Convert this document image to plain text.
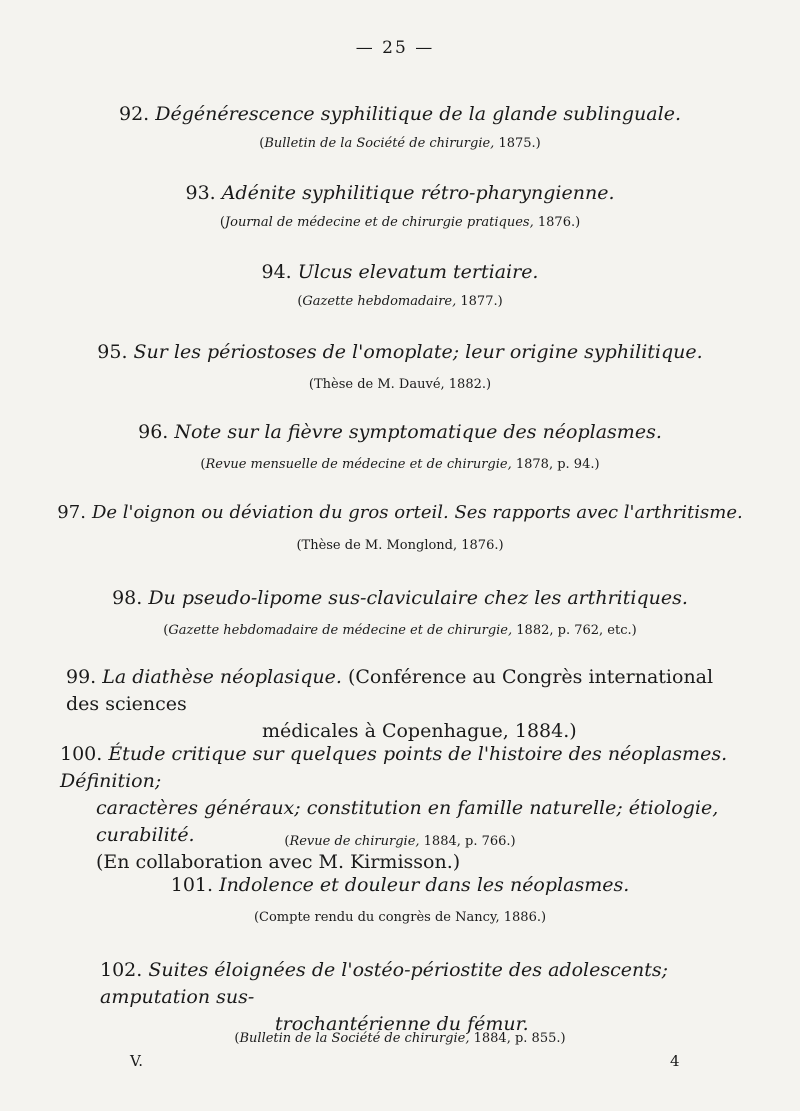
— 25 —
92. Dégénérescence syphilitique de la glande sublinguale.
(Bulletin de la Société de chirurgie, 1875.)
93. Adénite syphilitique rétro-pharyngienne.
(Journal de médecine et de chirurgie pratiques, 1876.)
94. Ulcus elevatum tertiaire.
(Gazette hebdomadaire, 1877.)
95. Sur les périostoses de l'omoplate; leur origine syphilitique.
(Thèse de M. Dauvé, 1882.)
96. Note sur la fièvre symptomatique des néoplasmes.
(Revue mensuelle de médecine et de chirurgie, 1878, p. 94.)
97. De l'oignon ou déviation du gros orteil. Ses rapports avec l'arthritisme.
(Thèse de M. Monglond, 1876.)
98. Du pseudo-lipome sus-claviculaire chez les arthritiques.
(Gazette hebdomadaire de médecine et de chirurgie, 1882, p. 762, etc.)
99. La diathèse néoplasique. (Conférence au Congrès international des sciences
médicales à Copenhague, 1884.)
100. Étude critique sur quelques points de l'histoire des néoplasmes. Définition;
caractères généraux; constitution en famille naturelle; étiologie, curabilité.
(En collaboration avec M. Kirmisson.)
(Revue de chirurgie, 1884, p. 766.)
101. Indolence et douleur dans les néoplasmes.
(Compte rendu du congrès de Nancy, 1886.)
102. Suites éloignées de l'ostéo-périostite des adolescents; amputation sus-
trochantérienne du fémur.
(Bulletin de la Société de chirurgie, 1884, p. 855.)
V.	4
